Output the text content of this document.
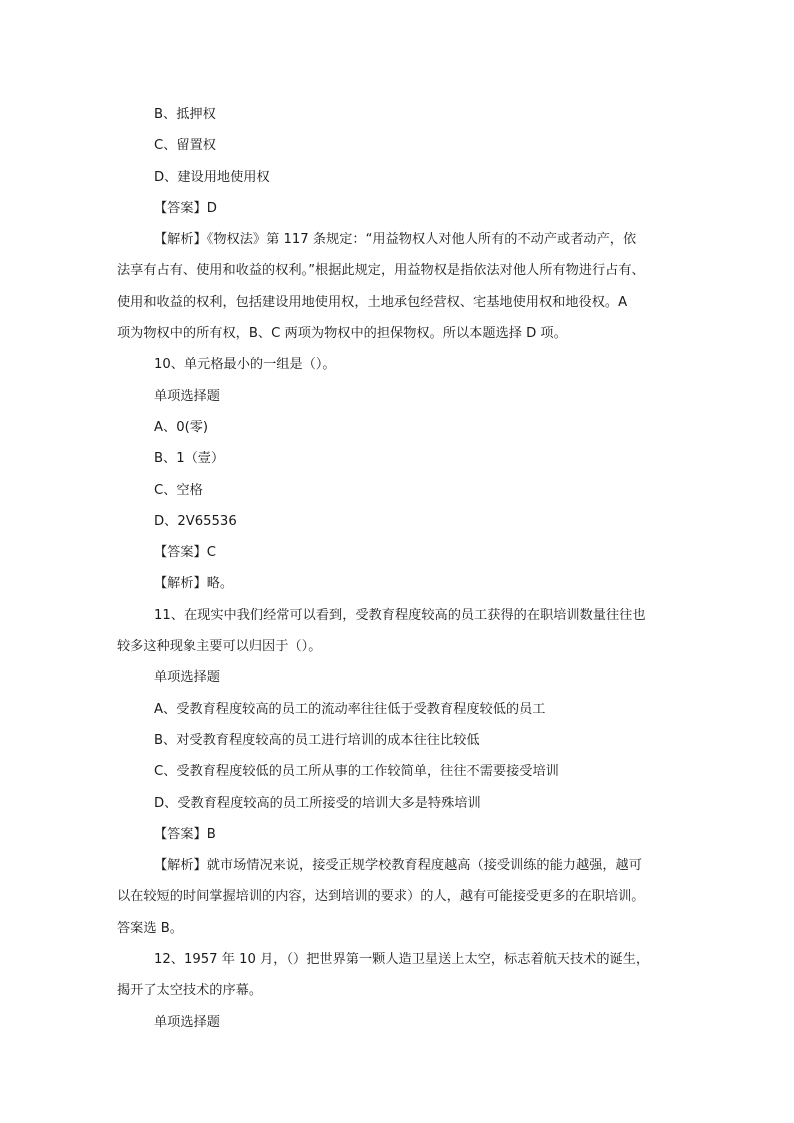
B、抵押权
C、留置权
D、建设用地使用权
【答案】D
【解析】《物权法》第 117 条规定：“用益物权人对他人所有的不动产或者动产，依
法享有占有、使用和收益的权利。”根据此规定，用益物权是指依法对他人所有物进行占有、
使用和收益的权利，包括建设用地使用权，土地承包经营权、宅基地使用权和地役权。A
项为物权中的所有权，B、C 两项为物权中的担保物权。所以本题选择 D 项。
10、单元格最小的一组是（）。
单项选择题
A、0(零)
B、1（壹）
C、空格
D、2V65536
【答案】C
【解析】略。
11、在现实中我们经常可以看到，受教育程度较高的员工获得的在职培训数量往往也
较多这种现象主要可以归因于（）。
单项选择题
A、受教育程度较高的员工的流动率往往低于受教育程度较低的员工
B、对受教育程度较高的员工进行培训的成本往往比较低
C、受教育程度较低的员工所从事的工作较简单，往往不需要接受培训
D、受教育程度较高的员工所接受的培训大多是特殊培训
【答案】B
【解析】就市场情况来说，接受正规学校教育程度越高（接受训练的能力越强，越可
以在较短的时间掌握培训的内容，达到培训的要求）的人，越有可能接受更多的在职培训。
答案选 B。
12、1957 年 10 月，（）把世界第一颗人造卫星送上太空，标志着航天技术的诞生，
揭开了太空技术的序幕。
单项选择题
